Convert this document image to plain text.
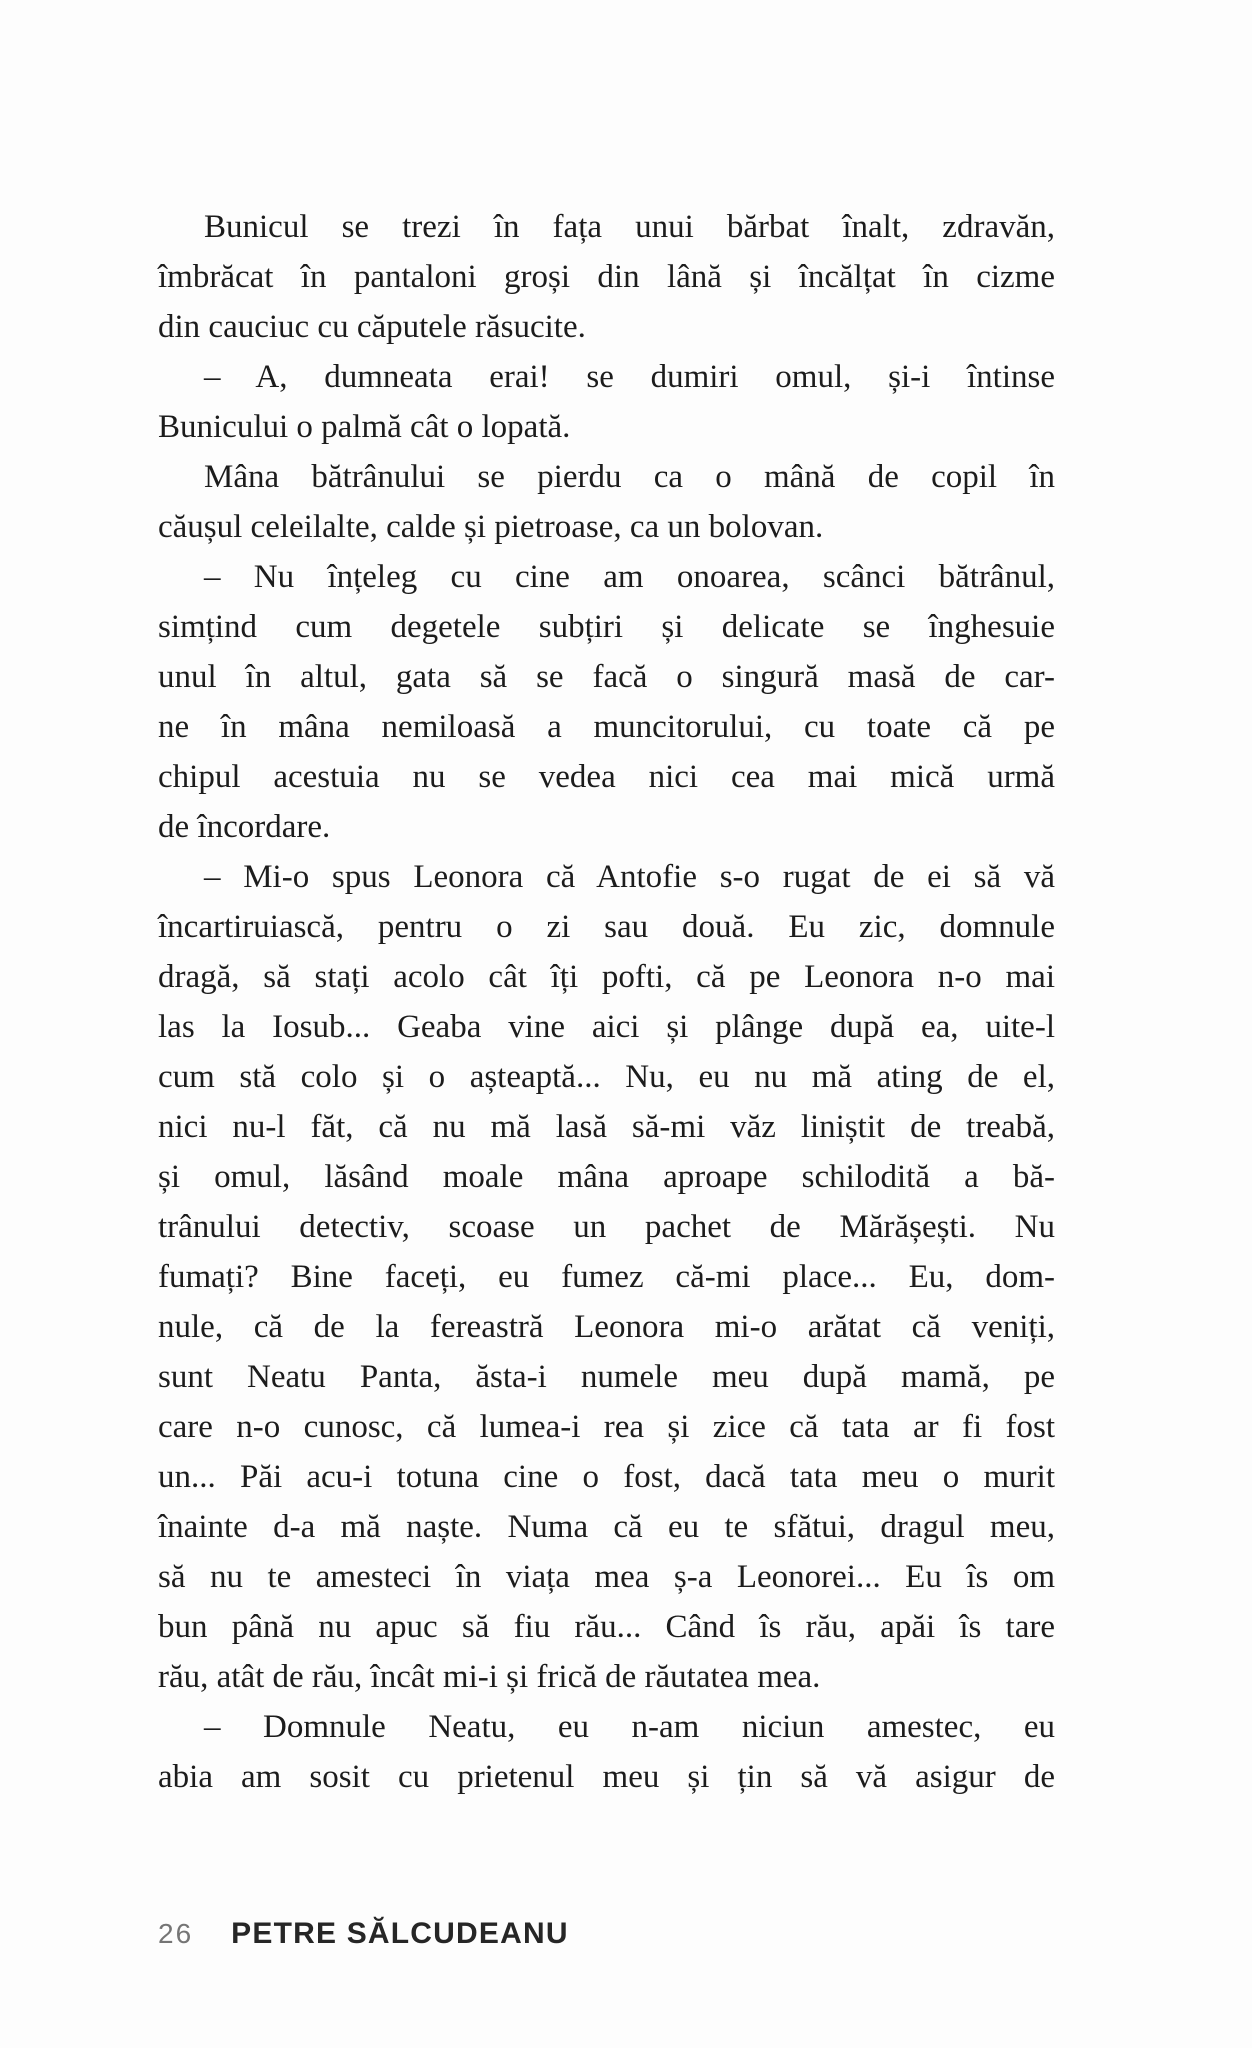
Bunicul se trezi în fața unui bărbat înalt, zdravăn,
îmbrăcat în pantaloni groși din lână și încălțat în cizme
din cauciuc cu căputele răsucite.
– A, dumneata erai! se dumiri omul, și-i întinse
Bunicului o palmă cât o lopată.
Mâna bătrânului se pierdu ca o mână de copil în
căușul celeilalte, calde și pietroase, ca un bolovan.
– Nu înțeleg cu cine am onoarea, scânci bătrânul,
simțind cum degetele subțiri și delicate se înghesuie
unul în altul, gata să se facă o singură masă de car-
ne în mâna nemiloasă a muncitorului, cu toate că pe
chipul acestuia nu se vedea nici cea mai mică urmă
de încordare.
– Mi-o spus Leonora că Antofie s-o rugat de ei să vă
încartiruiască, pentru o zi sau două. Eu zic, domnule
dragă, să stați acolo cât îți pofti, că pe Leonora n-o mai
las la Iosub... Geaba vine aici și plânge după ea, uite-l
cum stă colo și o așteaptă... Nu, eu nu mă ating de el,
nici nu-l făt, că nu mă lasă să-mi văz liniștit de treabă,
și omul, lăsând moale mâna aproape schilodită a bă-
trânului detectiv, scoase un pachet de Mărășești. Nu
fumați? Bine faceți, eu fumez că-mi place... Eu, dom-
nule, că de la fereastră Leonora mi-o arătat că veniți,
sunt Neatu Panta, ăsta-i numele meu după mamă, pe
care n-o cunosc, că lumea-i rea și zice că tata ar fi fost
un... Păi acu-i totuna cine o fost, dacă tata meu o murit
înainte d-a mă naște. Numa că eu te sfătui, dragul meu,
să nu te amesteci în viața mea ș-a Leonorei... Eu îs om
bun până nu apuc să fiu rău... Când îs rău, apăi îs tare
rău, atât de rău, încât mi-i și frică de răutatea mea.
– Domnule Neatu, eu n-am niciun amestec, eu
abia am sosit cu prietenul meu și țin să vă asigur de
26 PETRE SĂLCUDEANU
